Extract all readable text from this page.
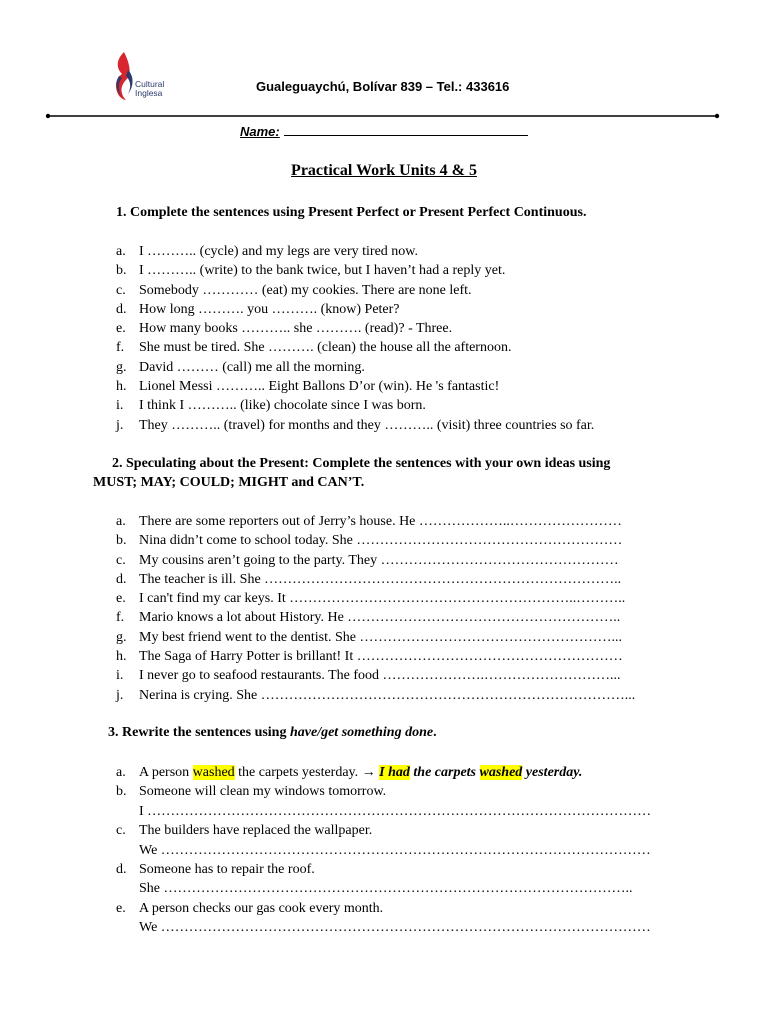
Cultural
Inglesa	Gualeguaychú, Bolívar 839 – Tel.: 433616
Name:
Practical Work Units 4 & 5
1. Complete the sentences using Present Perfect or Present Perfect Continuous.
a. I ……….. (cycle) and my legs are very tired now.
b. I ……….. (write) to the bank twice, but I haven’t had a reply yet.
c. Somebody ………… (eat) my cookies. There are none left.
d. How long ………. you ………. (know) Peter?
e. How many books ……….. she ………. (read)? - Three.
f. She must be tired. She ………. (clean) the house all the afternoon.
g. David ……… (call) me all the morning.
h. Lionel Messi ……….. Eight Ballons D’or (win). He 's fantastic!
i. I think I ……….. (like) chocolate since I was born.
j. They ……….. (travel) for months and they ……….. (visit) three countries so far.
2. Speculating about the Present: Complete the sentences with your own ideas using
MUST; MAY; COULD; MIGHT and CAN’T.
a. There are some reporters out of Jerry’s house. He ………………..……………………
b. Nina didn’t come to school today. She …………………………………………………
c. My cousins aren’t going to the party. They ……………………………………………
d. The teacher is ill. She …………………………………………………………………..
e. I can't find my car keys. It ……………………………………………………..………..
f. Mario knows a lot about History. He …………………………………………………..
g. My best friend went to the dentist. She ………………………………………………...
h. The Saga of Harry Potter is brillant! It …………………………………………………
i. I never go to seafood restaurants. The food ………………….………………………...
j. Nerina is crying. She ……………………………………………………………………...
3. Rewrite the sentences using have/get something done.
a. A person washed the carpets yesterday. → I had the carpets washed yesterday.
b. Someone will clean my windows tomorrow.
I ………………………………………………………………………………………………
c. The builders have replaced the wallpaper.
We ……………………………………………………………………………………………
d. Someone has to repair the roof.
She ………………………………………………………………………………………..
e. A person checks our gas cook every month.
We ……………………………………………………………………………………………
